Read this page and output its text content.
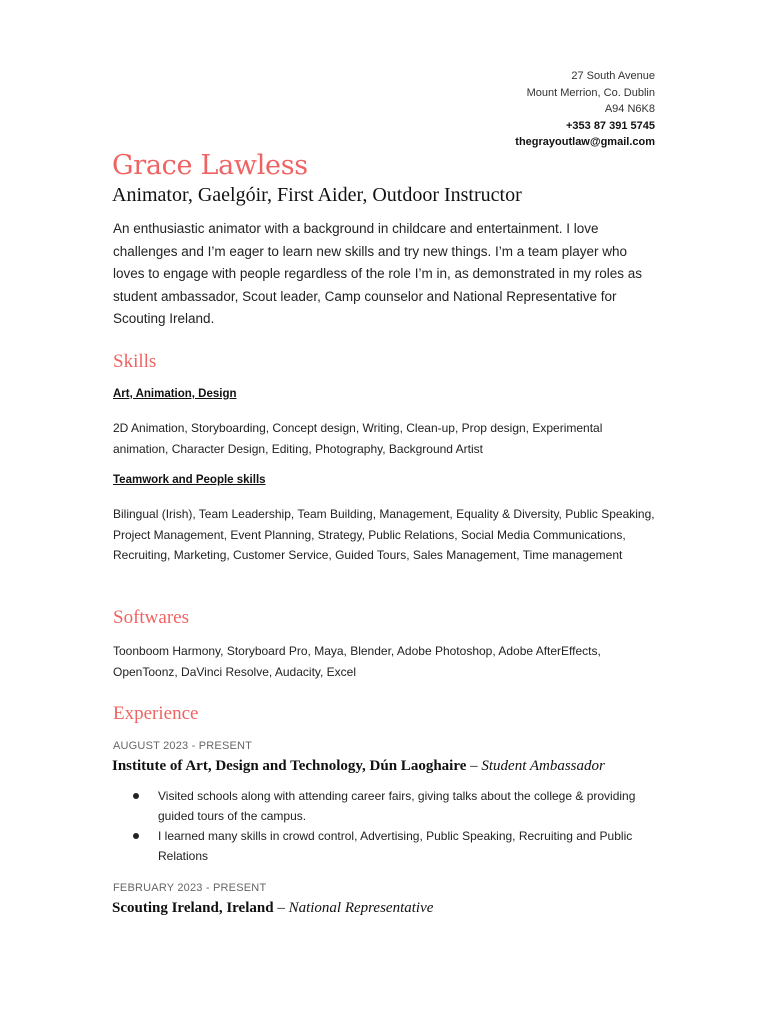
27 South Avenue
Mount Merrion, Co. Dublin
A94 N6K8
+353 87 391 5745
thegrayoutlaw@gmail.com
Grace Lawless
Animator, Gaelgóir, First Aider, Outdoor Instructor
An enthusiastic animator with a background in childcare and entertainment. I love challenges and I’m eager to learn new skills and try new things. I’m a team player who loves to engage with people regardless of the role I’m in, as demonstrated in my roles as student ambassador, Scout leader, Camp counselor and National Representative for Scouting Ireland.
Skills
Art, Animation, Design
2D Animation, Storyboarding, Concept design, Writing, Clean-up, Prop design, Experimental animation, Character Design, Editing, Photography, Background Artist
Teamwork and People skills
Bilingual (Irish), Team Leadership, Team Building, Management, Equality & Diversity, Public Speaking, Project Management, Event Planning, Strategy, Public Relations, Social Media Communications, Recruiting, Marketing, Customer Service, Guided Tours, Sales Management, Time management
Softwares
Toonboom Harmony, Storyboard Pro, Maya, Blender, Adobe Photoshop, Adobe AfterEffects, OpenToonz, DaVinci Resolve, Audacity, Excel
Experience
AUGUST 2023 - PRESENT
Institute of Art, Design and Technology, Dún Laoghaire – Student Ambassador
Visited schools along with attending career fairs, giving talks about the college & providing guided tours of the campus.
I learned many skills in crowd control, Advertising, Public Speaking, Recruiting and Public Relations
FEBRUARY 2023 - PRESENT
Scouting Ireland, Ireland – National Representative
